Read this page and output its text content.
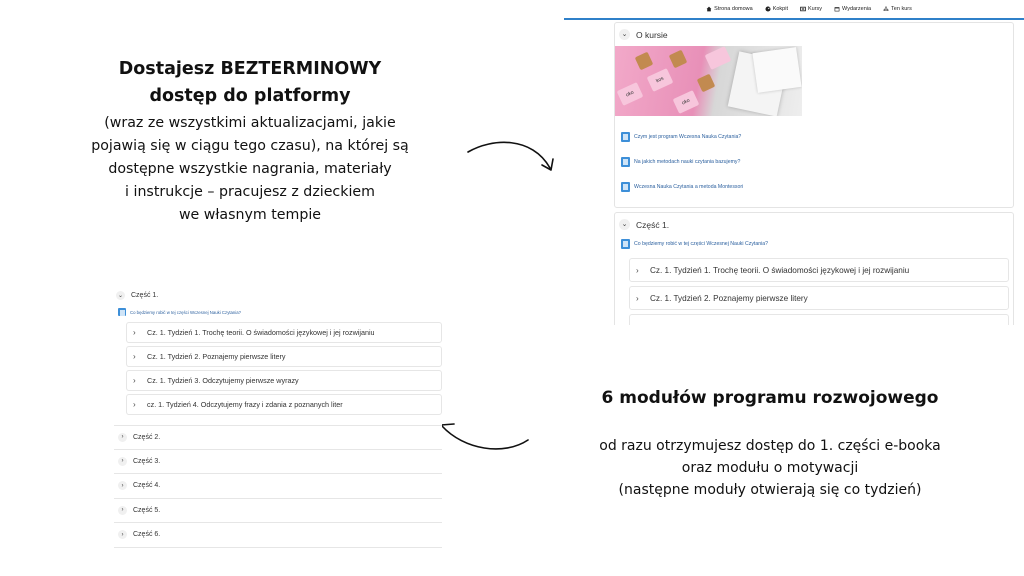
Dostajesz BEZTERMINOWY
dostęp do platformy
(wraz ze wszystkimi aktualizacjami, jakie
pojawią się w ciągu tego czasu), na której są
dostępne wszystkie nagrania, materiały
i instrukcje – pracujesz z dzieckiem
we własnym tempie
6 modułów programu rozwojowego
od razu otrzymujesz dostęp do 1. części e-booka
oraz modułu o motywacji
(następne moduły otwierają się co tydzień)
Strona domowa	Kokpit	Kursy	Wydarzenia	Ten kurs
⌄	O kursie
oko
kos
oko
Czym jest program Wczesna Nauka Czytania?
Na jakich metodach nauki czytania bazujemy?
Wczesna Nauka Czytania a metoda Montessori
⌄	Część 1.
Co będziemy robić w tej części Wczesnej Nauki Czytania?
›	Cz. 1. Tydzień 1. Trochę teorii. O świadomości językowej i jej rozwijaniu
›	Cz. 1. Tydzień 2. Poznajemy pierwsze litery
⌄ Część 1.
Co będziemy robić w tej części Wczesnej Nauki Czytania?
›	Cz. 1. Tydzień 1. Trochę teorii. O świadomości językowej i jej rozwijaniu
›	Cz. 1. Tydzień 2. Poznajemy pierwsze litery
›	Cz. 1. Tydzień 3. Odczytujemy pierwsze wyrazy
›	cz. 1. Tydzień 4. Odczytujemy frazy i zdania z poznanych liter
›	Część 2.
›	Część 3.
›	Część 4.
›	Część 5.
›	Część 6.
